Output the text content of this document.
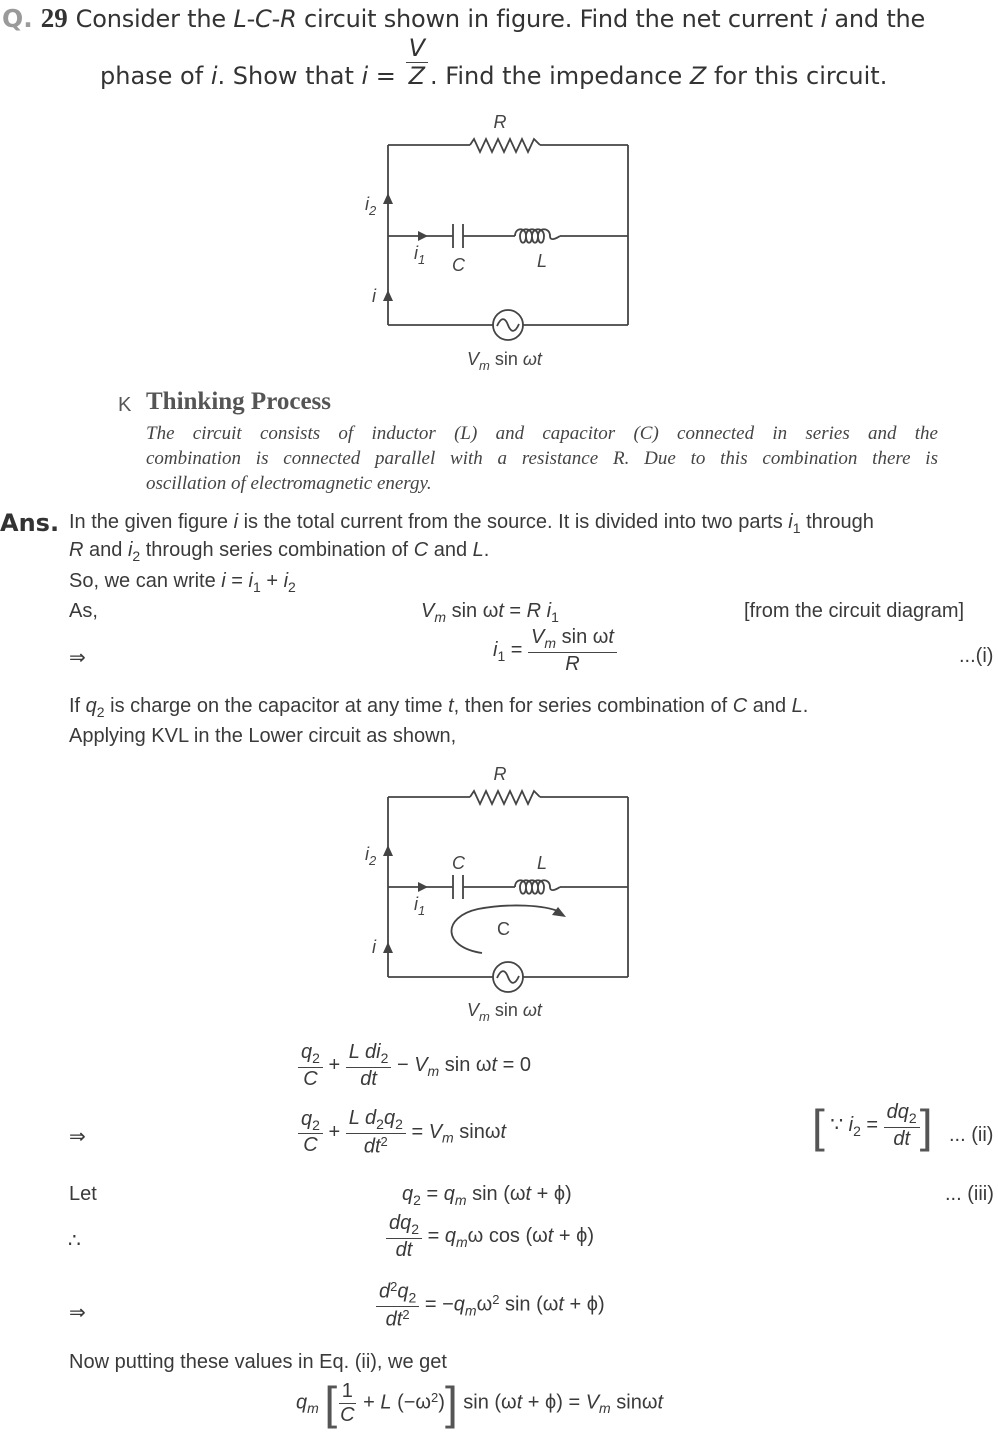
Q. 29 Consider the L-C-R circuit shown in figure. Find the net current i and the
phase of i. Show that $i = \frac{V}{Z}$ . Find the impedance Z for this circuit.
R
$i_2$
$i_1$ C	L
i
$V_m$ sin ωt
K Thinking Process
The circuit consists of inductor (L) and capacitor (C) connected in series and the
combination is connected parallel with a resistance R. Due to this combination there is
oscillation of electromagnetic energy.
Ans. In the given figure i is the total current from the source. It is divided into two parts $i_1$ through
R and $i_2$ through series combination of C and L.
So, we can write $i = i_1 + i_2$
As,	$V_m$ sin ωt = R $i_1$	[from the circuit diagram]
⇒	$i_1 = \frac{V_m \sin \omega t}{R}$	...(i)
If $q_2$ is charge on the capacitor at any time t, then for series combination of C and L.
Applying KVL in the Lower circuit as shown,
R
$i_2$	C	L
$i_1$
C
i
$V_m$ sin ωt
$\frac{q_2}{C} + \frac{L di_2}{dt} - V_m$ sin ωt = 0
⇒	$\frac{q_2}{C} + \frac{L d_2q_2}{dt^2} = V_m$ sinωt	[ ∵ $i_2 = \frac{dq_2}{dt}$ ] ... (ii)
Let	$q_2 = q_m$ sin (ωt + ϕ)	... (iii)
∴	$\frac{dq_2}{dt} = q_m\omega$ cos (ωt + ϕ)
⇒	$\frac{d^2q_2}{dt^2} = -q_m\omega^2$ sin (ωt + ϕ)
Now putting these values in Eq. (ii), we get
$q_m$ [ $\frac{1}{C} + L$ $(-\omega^2)$] $\sin (\omega t + \phi) = V_m$ sinωt
